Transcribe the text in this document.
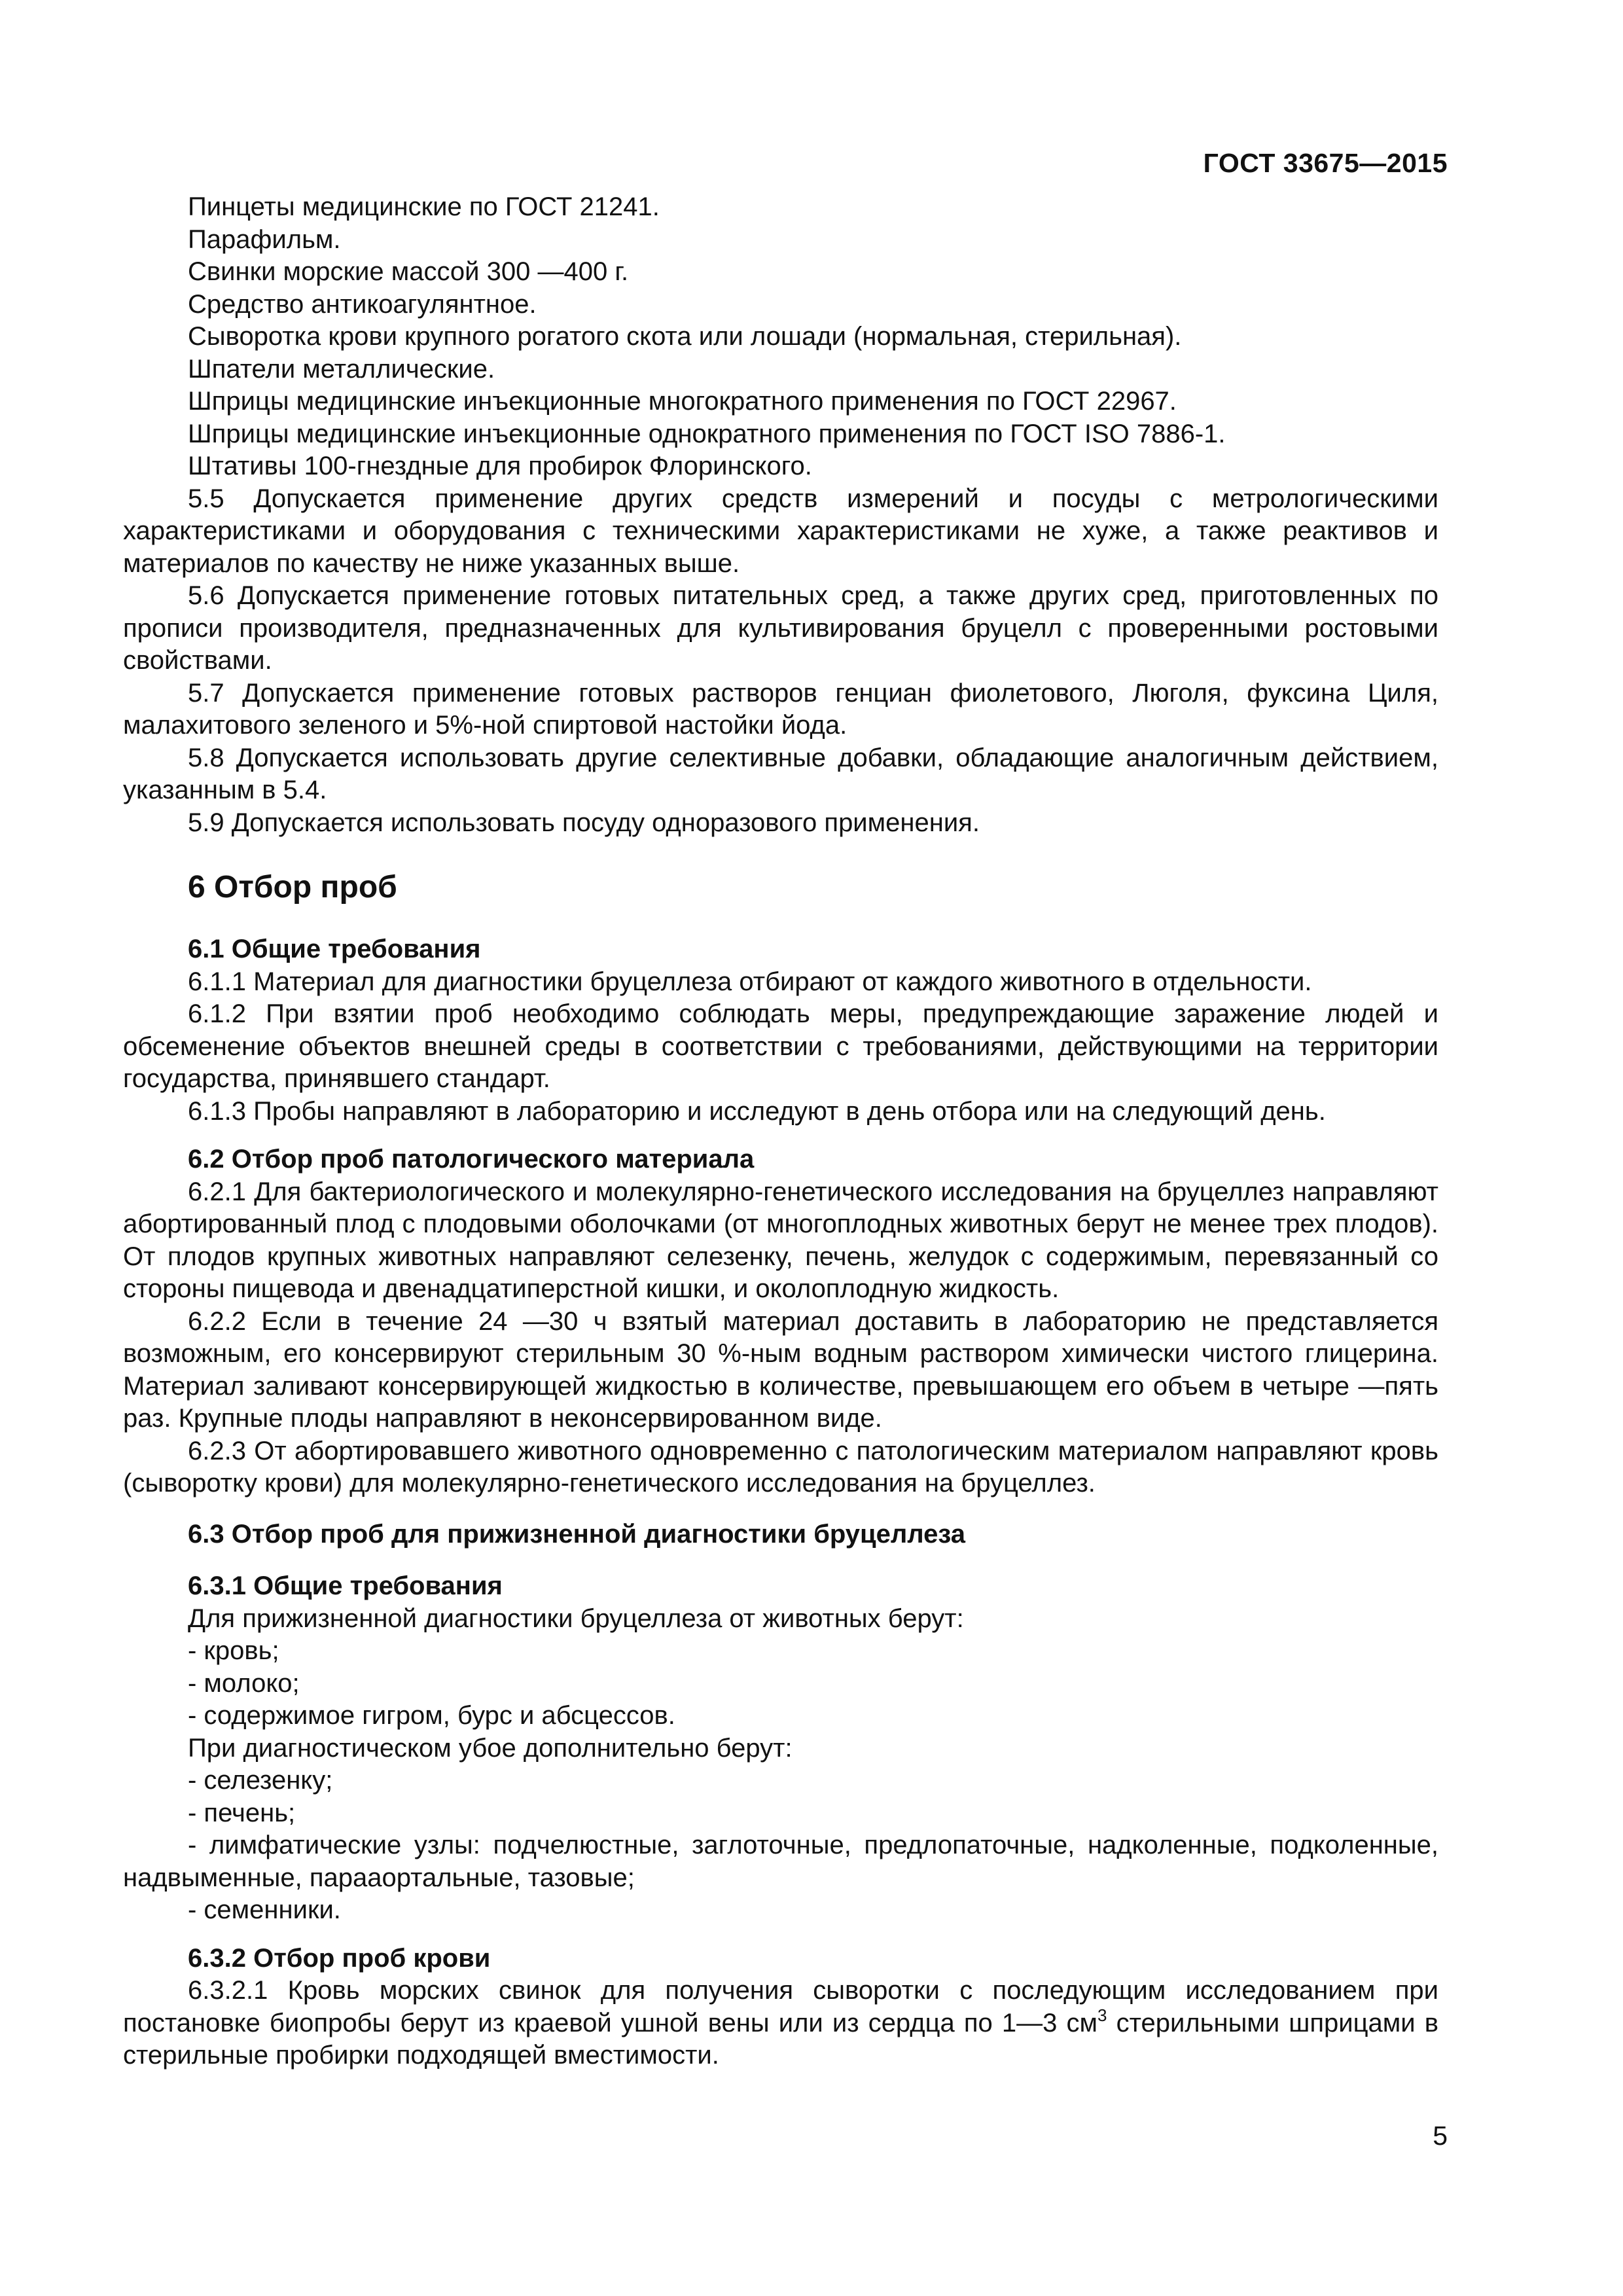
ГОСТ 33675—2015

Пинцеты медицинские по ГОСТ 21241.

Парафильм.

Свинки морские массой 300 —400 г.

Средство антикоагулянтное.

Сыворотка крови крупного рогатого скота или лошади (нормальная, стерильная).

Шпатели металлические.

Шприцы медицинские инъекционные многократного применения по ГОСТ 22967.

Шприцы медицинские инъекционные однократного применения по ГОСТ ISO 7886-1.

Штативы 100-гнездные для пробирок Флоринского.

5.5 Допускается применение других средств измерений и посуды с метрологическими характеристиками и оборудования с техническими характеристиками не хуже, а также реактивов и материалов по качеству не ниже указанных выше.

5.6 Допускается применение готовых питательных сред, а также других сред, приготовленных по прописи производителя, предназначенных для культивирования бруцелл с проверенными ростовыми свойствами.

5.7 Допускается применение готовых растворов генциан фиолетового, Люголя, фуксина Циля, малахитового зеленого и 5%-ной спиртовой настойки йода.

5.8 Допускается использовать другие селективные добавки, обладающие аналогичным действием, указанным в 5.4.

5.9 Допускается использовать посуду одноразового применения.

6 Отбор проб
6.1 Общие требования

6.1.1 Материал для диагностики бруцеллеза отбирают от каждого животного в отдельности.

6.1.2 При взятии проб необходимо соблюдать меры, предупреждающие заражение людей и обсеменение объектов внешней среды в соответствии с требованиями, действующими на территории государства, принявшего стандарт.

6.1.3 Пробы направляют в лабораторию и исследуют в день отбора или на следующий день.

6.2 Отбор проб патологического материала

6.2.1 Для бактериологического и молекулярно-генетического исследования на бруцеллез направляют абортированный плод с плодовыми оболочками (от многоплодных животных берут не менее трех плодов). От плодов крупных животных направляют селезенку, печень, желудок с содержимым, перевязанный со стороны пищевода и двенадцатиперстной кишки, и околоплодную жидкость.

6.2.2 Если в течение 24 —30 ч взятый материал доставить в лабораторию не представляется возможным, его консервируют стерильным 30 %-ным водным раствором химически чистого глицерина. Материал заливают консервирующей жидкостью в количестве, превышающем его объем в четыре —пять раз. Крупные плоды направляют в неконсервированном виде.

6.2.3 От абортировавшего животного одновременно с патологическим материалом направляют кровь (сыворотку крови) для молекулярно-генетического исследования на бруцеллез.

6.3 Отбор проб для прижизненной диагностики бруцеллеза
6.3.1 Общие требования

Для прижизненной диагностики бруцеллеза от животных берут:

- кровь;

- молоко;

- содержимое гигром, бурс и абсцессов.

При диагностическом убое дополнительно берут:

- селезенку;

- печень;

- лимфатические узлы: подчелюстные, заглоточные, предлопаточные, надколенные, подколенные, надвыменные, парааортальные, тазовые;

- семенники.

6.3.2 Отбор проб крови

6.3.2.1 Кровь морских свинок для получения сыворотки с последующим исследованием при постановке биопробы берут из краевой ушной вены или из сердца по 1—3 $см^3$ стерильными шприцами в стерильные пробирки подходящей вместимости.

5
